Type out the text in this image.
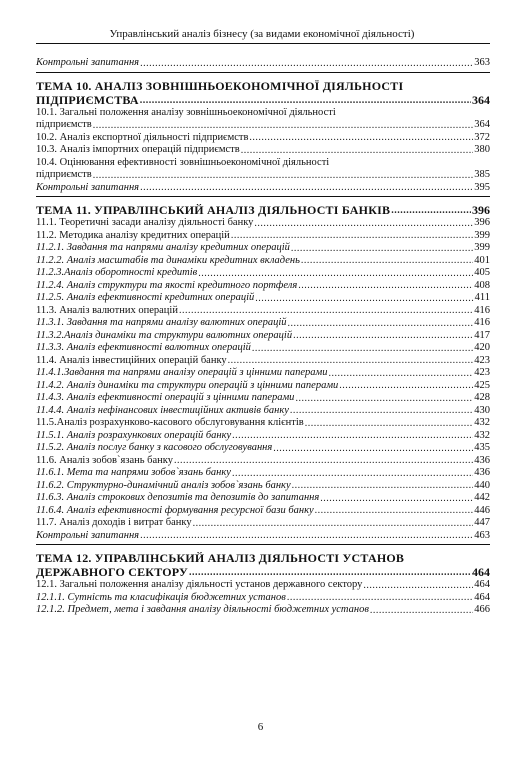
Управлінський аналіз бізнесу (за видами економічної діяльності)
Контрольні запитання .....	363
ТЕМА 10. АНАЛІЗ ЗОВНІШНЬОЕКОНОМІЧНОЇ ДІЯЛЬНОСТІ
ПІДПРИЄМСТВА .....	364
10.1. Загальні положення аналізу зовнішньоекономічної діяльності
підприємств .....	364
10.2. Аналіз експортної діяльності підприємств .....	372
10.3. Аналіз імпортних операцій підприємств .....	380
10.4. Оцінювання ефективності зовнішньоекономічної діяльності
підприємств .....	385
Контрольні запитання .....	395
ТЕМА 11. УПРАВЛІНСЬКИЙ АНАЛІЗ ДІЯЛЬНОСТІ БАНКІВ .....	396
11.1. Теоретичні засади аналізу діяльності банку .....	396
11.2. Методика аналізу кредитних операцій .....	399
11.2.1. Завдання та напрями аналізу кредитних операцій .....	399
11.2.2. Аналіз масштабів та динаміки кредитних вкладень .....	401
11.2.3.Аналіз оборотності кредитів .....	405
11.2.4. Аналіз структури та якості кредитного портфеля .....	408
11.2.5. Аналіз ефективності кредитних операцій .....	411
11.3. Аналіз валютних операцій .....	416
11.3.1. Завдання та напрями аналізу валютних операцій .....	416
11.3.2.Аналіз динаміки та структури валютних операцій .....	417
11.3.3. Аналіз ефективності валютних операцій .....	420
11.4. Аналіз інвестиційних операцій банку .....	423
11.4.1.Завдання та напрями аналізу операцій з цінними паперами .....	423
11.4.2. Аналіз динаміки та структури операцій з цінними паперами .....	425
11.4.3. Аналіз ефективності операцій з цінними паперами .....	428
11.4.4. Аналіз нефінансових інвестиційних активів банку .....	430
11.5.Аналіз розрахунково-касового обслуговування клієнтів .....	432
11.5.1. Аналіз розрахункових операцій банку .....	432
11.5.2. Аналіз послуг банку з касового обслуговування .....	435
11.6. Аналіз зобов`язань банку .....	436
11.6.1. Мета та напрями зобов`язань банку .....	436
11.6.2. Структурно-динамічний аналіз зобов`язань банку .....	440
11.6.3. Аналіз строкових депозитів та депозитів до запитання .....	442
11.6.4. Аналіз ефективності формування ресурсної бази банку .....	446
11.7. Аналіз доходів і витрат банку .....	447
Контрольні запитання .....	463
ТЕМА 12. УПРАВЛІНСЬКИЙ АНАЛІЗ ДІЯЛЬНОСТІ УСТАНОВ
ДЕРЖАВНОГО СЕКТОРУ .....	464
12.1. Загальні положення аналізу діяльності установ державного сектору .....	464
12.1.1. Сутність та класифікація бюджетних установ .....	464
12.1.2. Предмет, мета і завдання аналізу діяльності бюджетних установ .....	466
6
